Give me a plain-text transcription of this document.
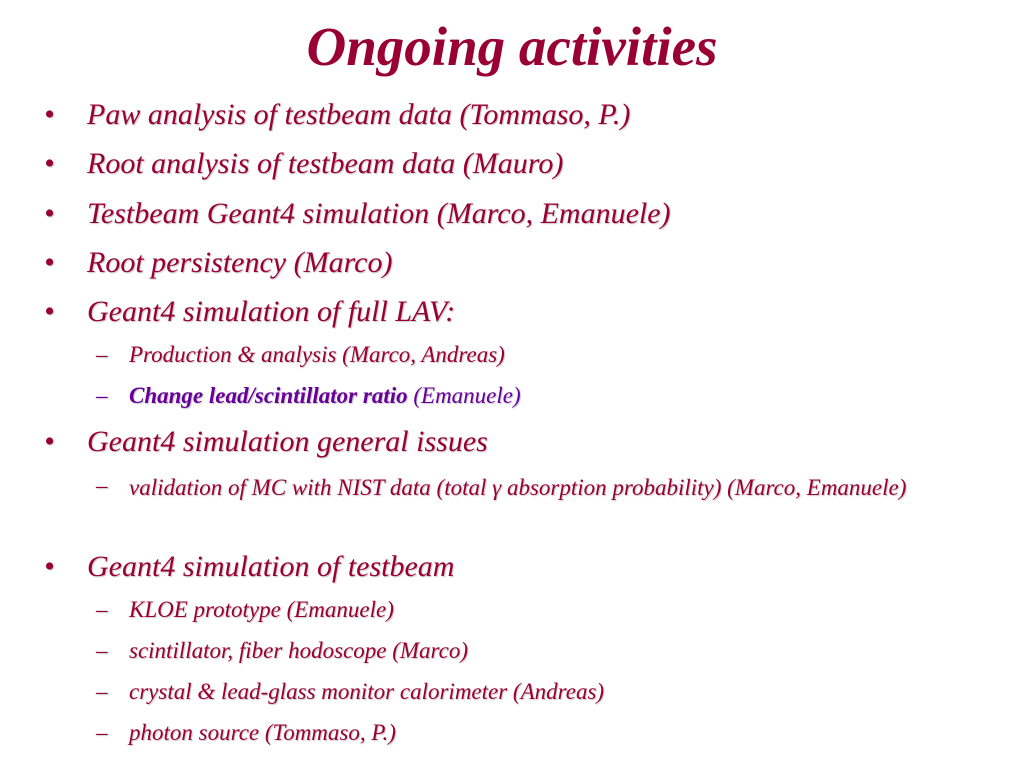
Ongoing activities
•	Paw analysis of testbeam data (Tommaso, P.)
•	Root analysis of testbeam data (Mauro)
•	Testbeam Geant4 simulation (Marco, Emanuele)
•	Root persistency (Marco)
•	Geant4 simulation of full LAV:
– Production & analysis (Marco, Andreas)
– Change lead/scintillator ratio (Emanuele)
•	Geant4 simulation general issues
– validation of MC with NIST data (total γ absorption probability) (Marco, Emanuele)
•	Geant4 simulation of testbeam
– KLOE prototype (Emanuele)
– scintillator, fiber hodoscope (Marco)
– crystal & lead-glass monitor calorimeter (Andreas)
– photon source (Tommaso, P.)
